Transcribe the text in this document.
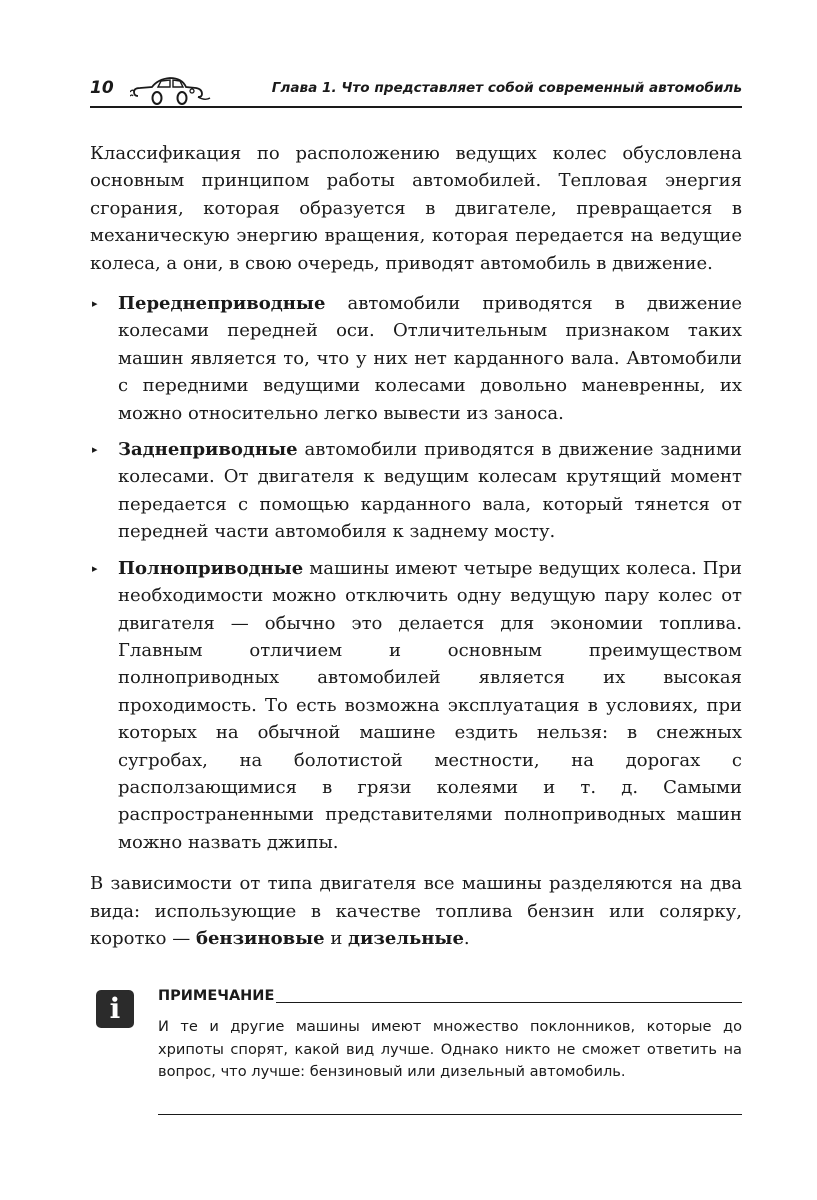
10	Глава 1. Что представляет собой современный автомобиль

Классификация по расположению ведущих колес обусловлена основным принципом работы автомобилей. Тепловая энергия сгорания, которая образуется в двигателе, превращается в механическую энергию вращения, которая передается на ведущие колеса, а они, в свою очередь, приводят автомобиль в движение.

▸ Переднеприводные автомобили приводятся в движение колесами передней оси. Отличительным признаком таких машин является то, что у них нет карданного вала. Автомобили с передними ведущими колесами довольно маневренны, их можно относительно легко вывести из заноса.
▸ Заднеприводные автомобили приводятся в движение задними колесами. От двигателя к ведущим колесам крутящий момент передается с помощью карданного вала, который тянется от передней части автомобиля к заднему мосту.
▸ Полноприводные машины имеют четыре ведущих колеса. При необходимости можно отключить одну ведущую пару колес от двигателя — обычно это делается для экономии топлива. Главным отличием и основным преимуществом полноприводных автомобилей является их высокая проходимость. То есть возможна эксплуатация в условиях, при которых на обычной машине ездить нельзя: в снежных сугробах, на болотистой местности, на дорогах с расползающимися в грязи колеями и т. д. Самыми распространенными представителями полноприводных машин можно назвать джипы.

В зависимости от типа двигателя все машины разделяются на два вида: использующие в качестве топлива бензин или солярку, коротко — бензиновые и дизельные.

i	ПРИМЕЧАНИЕ

И те и другие машины имеют множество поклонников, которые до хрипоты спорят, какой вид лучше. Однако никто не сможет ответить на вопрос, что лучше: бензиновый или дизельный автомобиль.
